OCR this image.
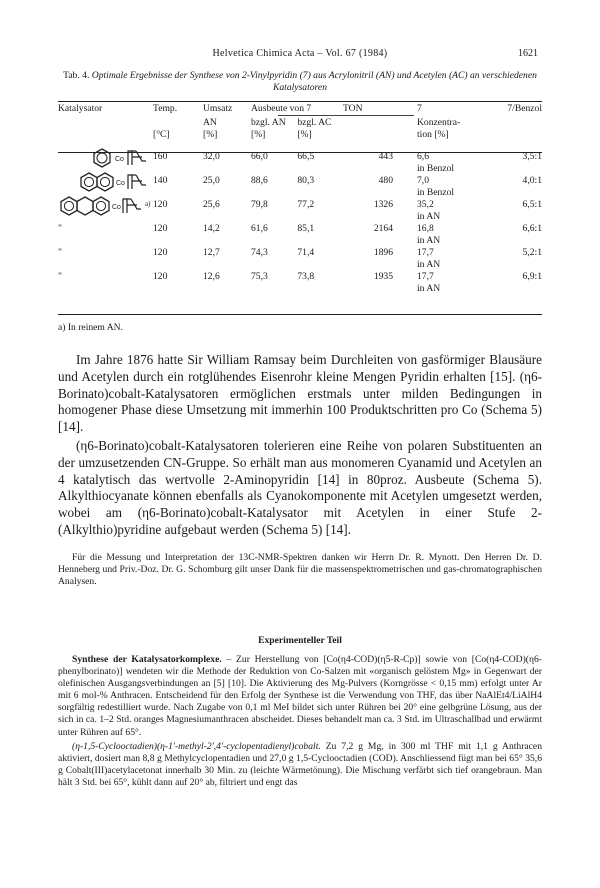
Helvetica Chimica Acta – Vol. 67 (1984)	1621
Tab. 4. Optimale Ergebnisse der Synthese von 2-Vinylpyridin (7) aus Acrylonitril (AN) und Acetylen (AC) an verschiedenen Katalysatoren
Katalysator	Temp.	Umsatz	Ausbeute von 7		TON	7	7/Benzol
		AN	bzgl. AN	bzgl. AC		Konzentra-	
	[°C]	[%]	[%]	[%]		tion [%]	

Co	160	32,0	66,0	66,5	443	6,6	3,5:1
						in Benzol	

Co	140	25,0	88,6	80,3	480	7,0	4,0:1
						in Benzol	

Co a)	120	25,6	79,8	77,2	1326	35,2	6,5:1
						in AN	
"	120	14,2	61,6	85,1	2164	16,8	6,6:1
						in AN	
"	120	12,7	74,3	71,4	1896	17,7	5,2:1
						in AN	
"	120	12,6	75,3	73,8	1935	17,7	6,9:1
						in AN	
a) In reinem AN.

Im Jahre 1876 hatte Sir William Ramsay beim Durchleiten von gasförmiger Blausäure und Acetylen durch ein rotglühendes Eisenrohr kleine Mengen Pyridin erhalten [15]. (η6-Borinato)cobalt-Katalysatoren ermöglichen erstmals unter milden Bedingungen in homogener Phase diese Umsetzung mit immerhin 100 Produktschritten pro Co (Schema 5) [14].

(η6-Borinato)cobalt-Katalysatoren tolerieren eine Reihe von polaren Substituenten an der umzusetzenden CN-Gruppe. So erhält man aus monomeren Cyanamid und Acetylen an 4 katalytisch das wertvolle 2-Aminopyridin [14] in 80proz. Ausbeute (Schema 5). Alkylthiocyanate können ebenfalls als Cyanokomponente mit Acetylen umgesetzt werden, wobei am (η6-Borinato)cobalt-Katalysator mit Acetylen in einer Stufe 2-(Alkylthio)pyridine aufgebaut werden (Schema 5) [14].

Für die Messung und Interpretation der 13C-NMR-Spektren danken wir Herrn Dr. R. Mynott. Den Herren Dr. D. Henneberg und Priv.-Doz. Dr. G. Schomburg gilt unser Dank für die massenspektrometrischen und gas-chromatographischen Analysen.

Experimenteller Teil

Synthese der Katalysatorkomplexe. – Zur Herstellung von [Co(η4-COD)(η5-R-Cp)] sowie von [Co(η4-COD)(η6-phenylborinato)] wendeten wir die Methode der Reduktion von Co-Salzen mit «organisch gelöstem Mg» in Gegenwart der olefinischen Ausgangsverbindungen an [5] [10]. Die Aktivierung des Mg-Pulvers (Korngrösse < 0,15 mm) erfolgt unter Ar mit 6 mol-% Anthracen. Entscheidend für den Erfolg der Synthese ist die Verwendung von THF, das über NaAlEt4/LiAlH4 sorgfältig redestilliert wurde. Nach Zugabe von 0,1 ml MeI bildet sich unter Rühren bei 20° eine gelbgrüne Lösung, aus der sich in ca. 1–2 Std. oranges Magnesiumanthracen abscheidet. Dieses behandelt man ca. 3 Std. im Ultraschallbad und erwärmt unter Rühren auf 65°.

(η-1,5-Cyclooctadien)(η-1'-methyl-2',4'-cyclopentadienyl)cobalt. Zu 7,2 g Mg, in 300 ml THF mit 1,1 g Anthracen aktiviert, dosiert man 8,8 g Methylcyclopentadien und 27,0 g 1,5-Cyclooctadien (COD). Anschliessend fügt man bei 65° 35,6 g Cobalt(III)acetylacetonat innerhalb 30 Min. zu (leichte Wärmetönung). Die Mischung verfärbt sich tief orangebraun. Man hält 3 Std. bei 65°, kühlt dann auf 20° ab, filtriert und engt das
